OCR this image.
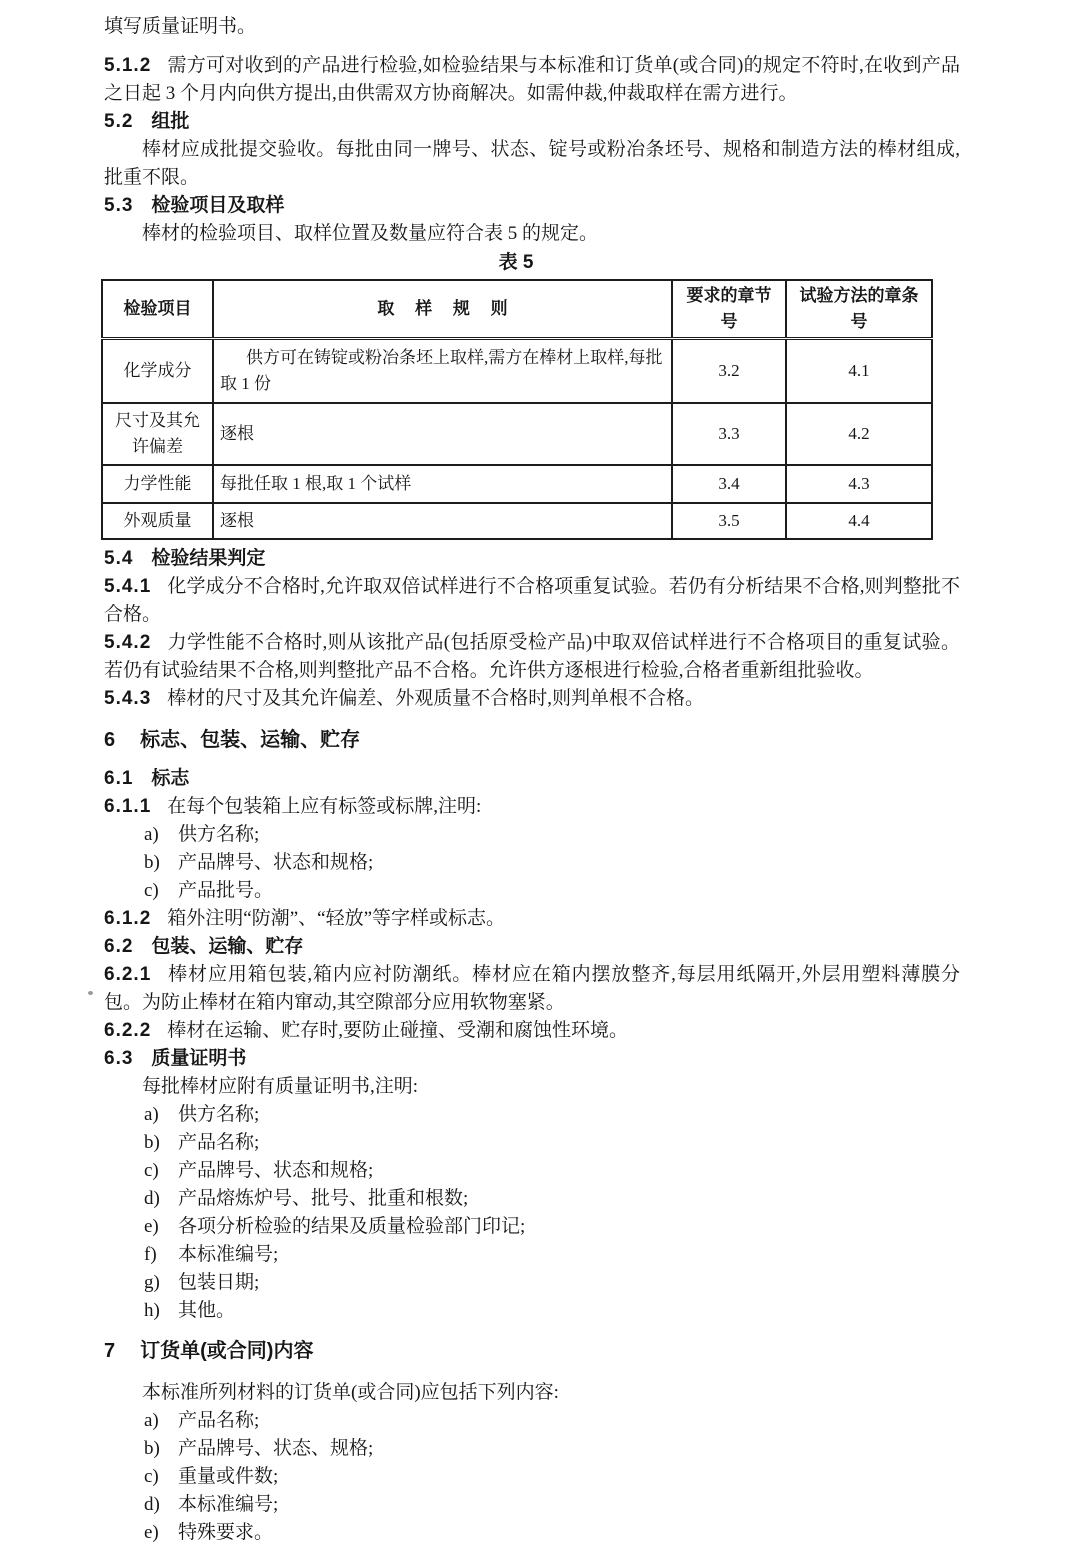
填写质量证明书。

5.1.2 需方可对收到的产品进行检验,如检验结果与本标准和订货单(或合同)的规定不符时,在收到产品之日起 3 个月内向供方提出,由供需双方协商解决。如需仲裁,仲裁取样在需方进行。

5.2 组批

棒材应成批提交验收。每批由同一牌号、状态、锭号或粉冶条坯号、规格和制造方法的棒材组成,批重不限。

5.3 检验项目及取样

棒材的检验项目、取样位置及数量应符合表 5 的规定。

表 5
检验项目	取 样 规 则	要求的章节号	试验方法的章条号
化学成分	供方可在铸锭或粉冶条坯上取样,需方在棒材上取样,每批取 1 份	3.2	4.1
尺寸及其允许偏差	逐根	3.3	4.2
力学性能	每批任取 1 根,取 1 个试样	3.4	4.3
外观质量	逐根	3.5	4.4
5.4 检验结果判定

5.4.1 化学成分不合格时,允许取双倍试样进行不合格项重复试验。若仍有分析结果不合格,则判整批不合格。

5.4.2 力学性能不合格时,则从该批产品(包括原受检产品)中取双倍试样进行不合格项目的重复试验。若仍有试验结果不合格,则判整批产品不合格。允许供方逐根进行检验,合格者重新组批验收。

5.4.3 棒材的尺寸及其允许偏差、外观质量不合格时,则判单根不合格。

6 标志、包装、运输、贮存
6.1 标志

6.1.1 在每个包装箱上应有标签或标牌,注明:

a) 供方名称;
b) 产品牌号、状态和规格;
c) 产品批号。

6.1.2 箱外注明“防潮”、“轻放”等字样或标志。

6.2 包装、运输、贮存

6.2.1 棒材应用箱包装,箱内应衬防潮纸。棒材应在箱内摆放整齐,每层用纸隔开,外层用塑料薄膜分包。为防止棒材在箱内窜动,其空隙部分应用软物塞紧。

6.2.2 棒材在运输、贮存时,要防止碰撞、受潮和腐蚀性环境。

6.3 质量证明书

每批棒材应附有质量证明书,注明:

a) 供方名称;
b) 产品名称;
c) 产品牌号、状态和规格;
d) 产品熔炼炉号、批号、批重和根数;
e) 各项分析检验的结果及质量检验部门印记;
f) 本标准编号;
g) 包装日期;
h) 其他。
7 订货单(或合同)内容

本标准所列材料的订货单(或合同)应包括下列内容:

a) 产品名称;
b) 产品牌号、状态、规格;
c) 重量或件数;
d) 本标准编号;
e) 特殊要求。
